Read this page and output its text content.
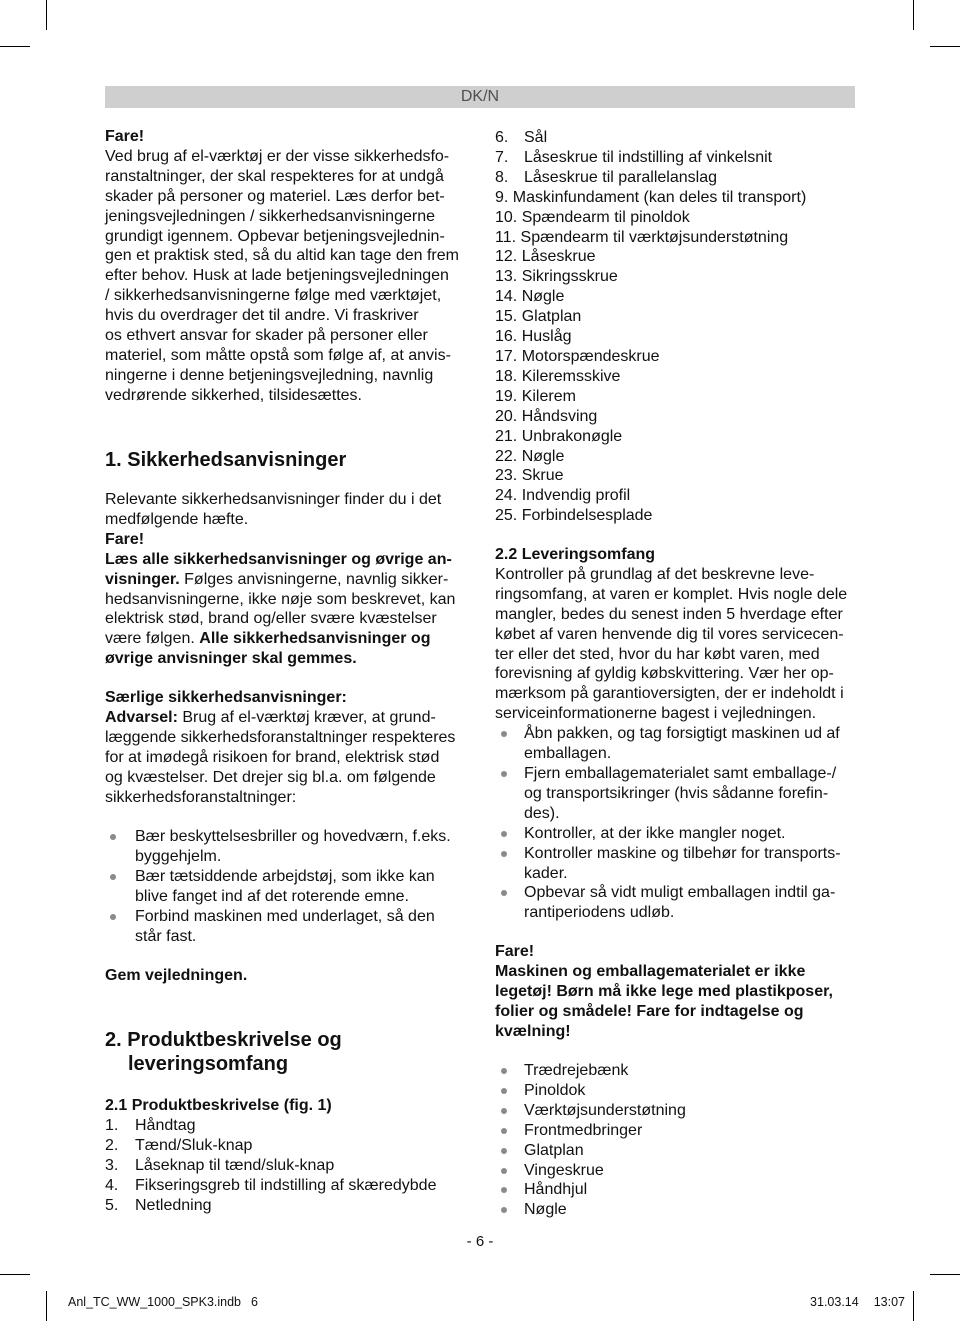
DK/N
Fare!
Ved brug af el-værktøj er der visse sikkerhedsfo-
ranstaltninger, der skal respekteres for at undgå
skader på personer og materiel. Læs derfor bet-
jeningsvejledningen / sikkerhedsanvisningerne
grundigt igennem. Opbevar betjeningsvejlednin-
gen et praktisk sted, så du altid kan tage den frem
efter behov. Husk at lade betjeningsvejledningen
/ sikkerhedsanvisningerne følge med værktøjet,
hvis du overdrager det til andre. Vi fraskriver
os ethvert ansvar for skader på personer eller
materiel, som måtte opstå som følge af, at anvis-
ningerne i denne betjeningsvejledning, navnlig
vedrørende sikkerhed, tilsidesættes.
1. Sikkerhedsanvisninger
Relevante sikkerhedsanvisninger finder du i det
medfølgende hæfte.
Fare!
Læs alle sikkerhedsanvisninger og øvrige an-
visninger. Følges anvisningerne, navnlig sikker-
hedsanvisningerne, ikke nøje som beskrevet, kan
elektrisk stød, brand og/eller svære kvæstelser
være følgen. Alle sikkerhedsanvisninger og
øvrige anvisninger skal gemmes.
Særlige sikkerhedsanvisninger:
Advarsel: Brug af el-værktøj kræver, at grund-
læggende sikkerhedsforanstaltninger respekteres
for at imødegå risikoen for brand, elektrisk stød
og kvæstelser. Det drejer sig bl.a. om følgende
sikkerhedsforanstaltninger:
Bær beskyttelsesbriller og hovedværn, f.eks.
byggehjelm.
Bær tætsiddende arbejdstøj, som ikke kan
blive fanget ind af det roterende emne.
Forbind maskinen med underlaget, så den
står fast.
Gem vejledningen.
2. Produktbeskrivelse og
leveringsomfang
2.1 Produktbeskrivelse (fig. 1)
1. Håndtag
2. Tænd/Sluk-knap
3. Låseknap til tænd/sluk-knap
4. Fikseringsgreb til indstilling af skæredybde
5. Netledning
6. Sål
7. Låseskrue til indstilling af vinkelsnit
8. Låseskrue til parallelanslag
9. Maskinfundament (kan deles til transport)
10. Spændearm til pinoldok
11. Spændearm til værktøjsunderstøtning
12. Låseskrue
13. Sikringsskrue
14. Nøgle
15. Glatplan
16. Huslåg
17. Motorspændeskrue
18. Kileremsskive
19. Kilerem
20. Håndsving
21. Unbrakonøgle
22. Nøgle
23. Skrue
24. Indvendig profil
25. Forbindelsesplade
2.2 Leveringsomfang
Kontroller på grundlag af det beskrevne leve-
ringsomfang, at varen er komplet. Hvis nogle dele
mangler, bedes du senest inden 5 hverdage efter
købet af varen henvende dig til vores servicecen-
ter eller det sted, hvor du har købt varen, med
forevisning af gyldig købskvittering. Vær her op-
mærksom på garantioversigten, der er indeholdt i
serviceinformationerne bagest i vejledningen.
Åbn pakken, og tag forsigtigt maskinen ud af
emballagen.
Fjern emballagematerialet samt emballage-/
og transportsikringer (hvis sådanne forefin-
des).
Kontroller, at der ikke mangler noget.
Kontroller maskine og tilbehør for transports-
kader.
Opbevar så vidt muligt emballagen indtil ga-
rantiperiodens udløb.
Fare!
Maskinen og emballagematerialet er ikke
legetøj! Børn må ikke lege med plastikposer,
folier og smådele! Fare for indtagelse og
kvælning!
Trædrejebænk
Pinoldok
Værktøjsunderstøtning
Frontmedbringer
Glatplan
Vingeskrue
Håndhjul
Nøgle
- 6 -
Anl_TC_WW_1000_SPK3.indb 6	31.03.14 13:07
